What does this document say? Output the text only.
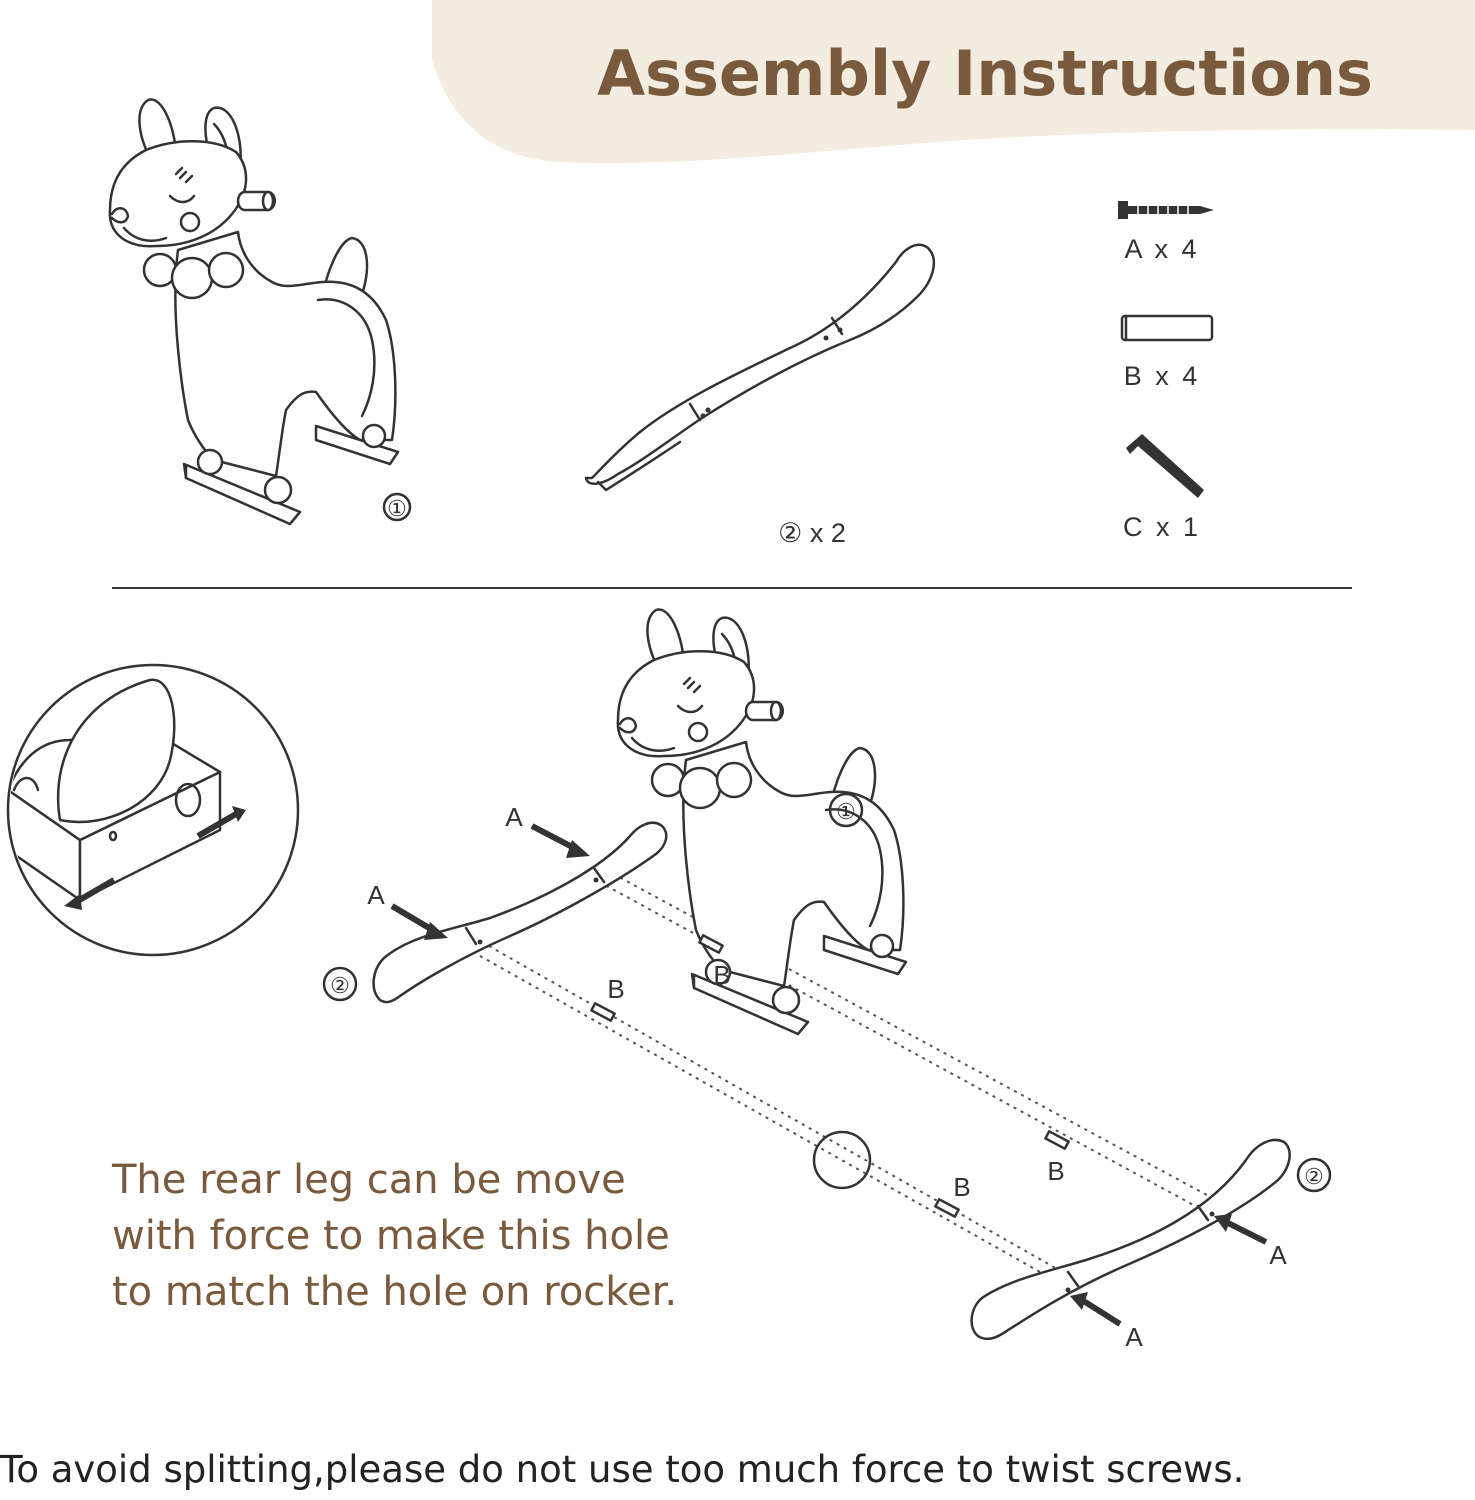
Assembly Instructions
①
② x 2
A x 4
B x 4
C x 1
②
A
A
①
B
B
B
B	②
A
A

The rear leg can be move
with force to make this hole
to match the hole on rocker.

To avoid splitting,please do not use too much force to twist screws.
